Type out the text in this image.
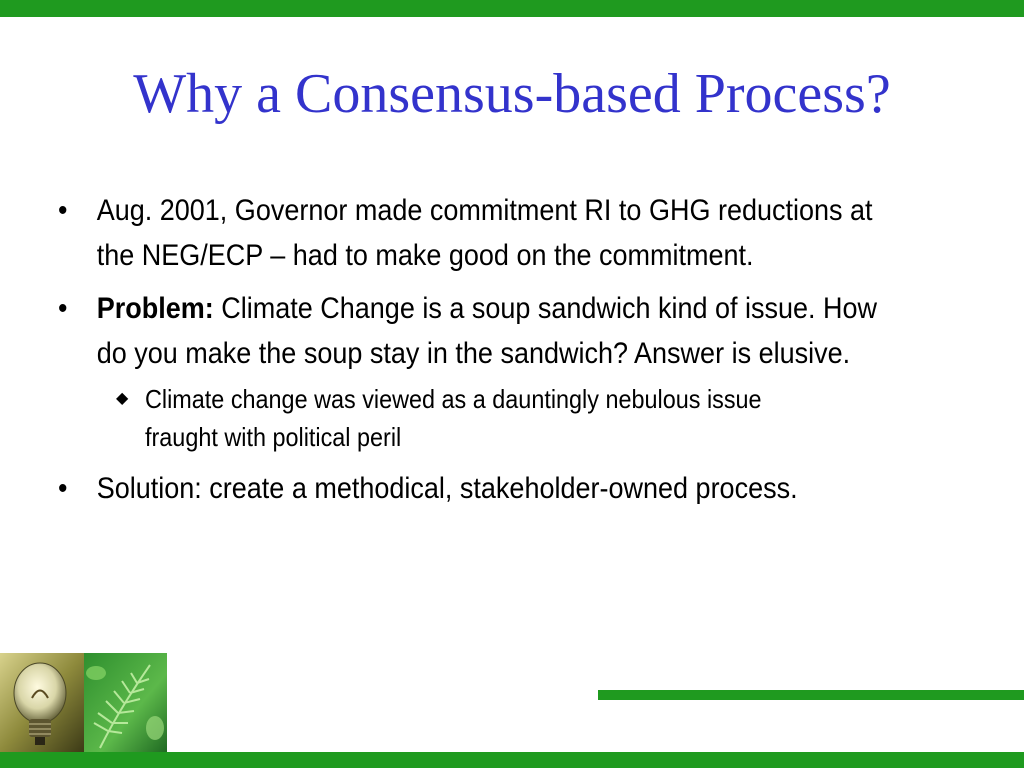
Why a Consensus-based Process?
• Aug. 2001, Governor made commitment RI to GHG reductions at the NEG/ECP – had to make good on the commitment.
• Problem: Climate Change is a soup sandwich kind of issue. How do you make the soup stay in the sandwich? Answer is elusive.
◆ Climate change was viewed as a dauntingly nebulous issue fraught with political peril
• Solution: create a methodical, stakeholder-owned process.
